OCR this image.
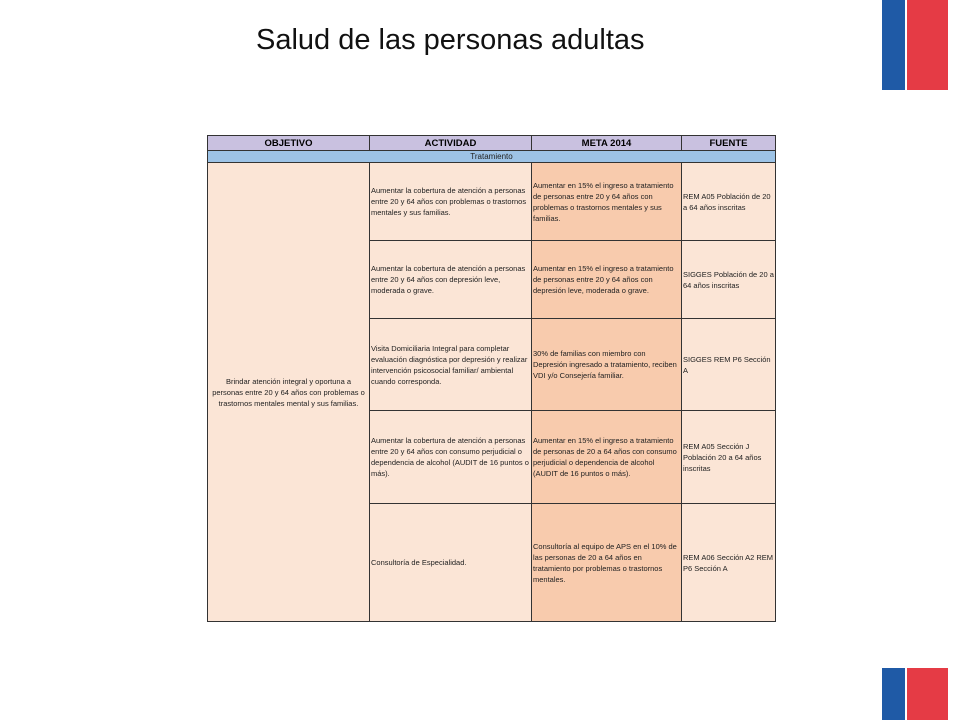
Salud de las personas adultas
OBJETIVO	ACTIVIDAD	META 2014	FUENTE
Tratamiento			

Brindar atención integral y oportuna a personas entre 20 y 64 años con problemas o trastornos mentales mental y sus familias.	Aumentar la cobertura de atención a personas entre 20 y 64 años con problemas o trastornos mentales y sus familias.	Aumentar en 15% el ingreso a tratamiento de personas entre 20 y 64 años con problemas o trastornos mentales y sus familias.	REM A05 Población de 20 a 64 años inscritas
	Aumentar la cobertura de atención a personas entre 20 y 64 años con depresión leve, moderada o grave.	Aumentar en 15% el ingreso a tratamiento de personas entre 20 y 64 años con depresión leve, moderada o grave.	SIGGES Población de 20 a 64 años inscritas
	Visita Domiciliaria Integral para completar evaluación diagnóstica por depresión y realizar intervención psicosocial familiar/ ambiental cuando corresponda.	30% de familias con miembro con Depresión ingresado a tratamiento, reciben VDI y/o Consejería familiar.	SIGGES REM P6 Sección A
	Aumentar la cobertura de atención a personas entre 20 y 64 años con consumo perjudicial o dependencia de alcohol (AUDIT de 16 puntos o más).	Aumentar en 15% el ingreso a tratamiento de personas de 20 a 64 años con consumo perjudicial o dependencia de alcohol (AUDIT de 16 puntos o más).	REM A05 Sección J Población 20 a 64 años inscritas
	Consultoría de Especialidad.	Consultoría al equipo de APS en el 10% de las personas de 20 a 64 años en tratamiento por problemas o trastornos mentales.	REM A06 Sección A2 REM P6 Sección A
